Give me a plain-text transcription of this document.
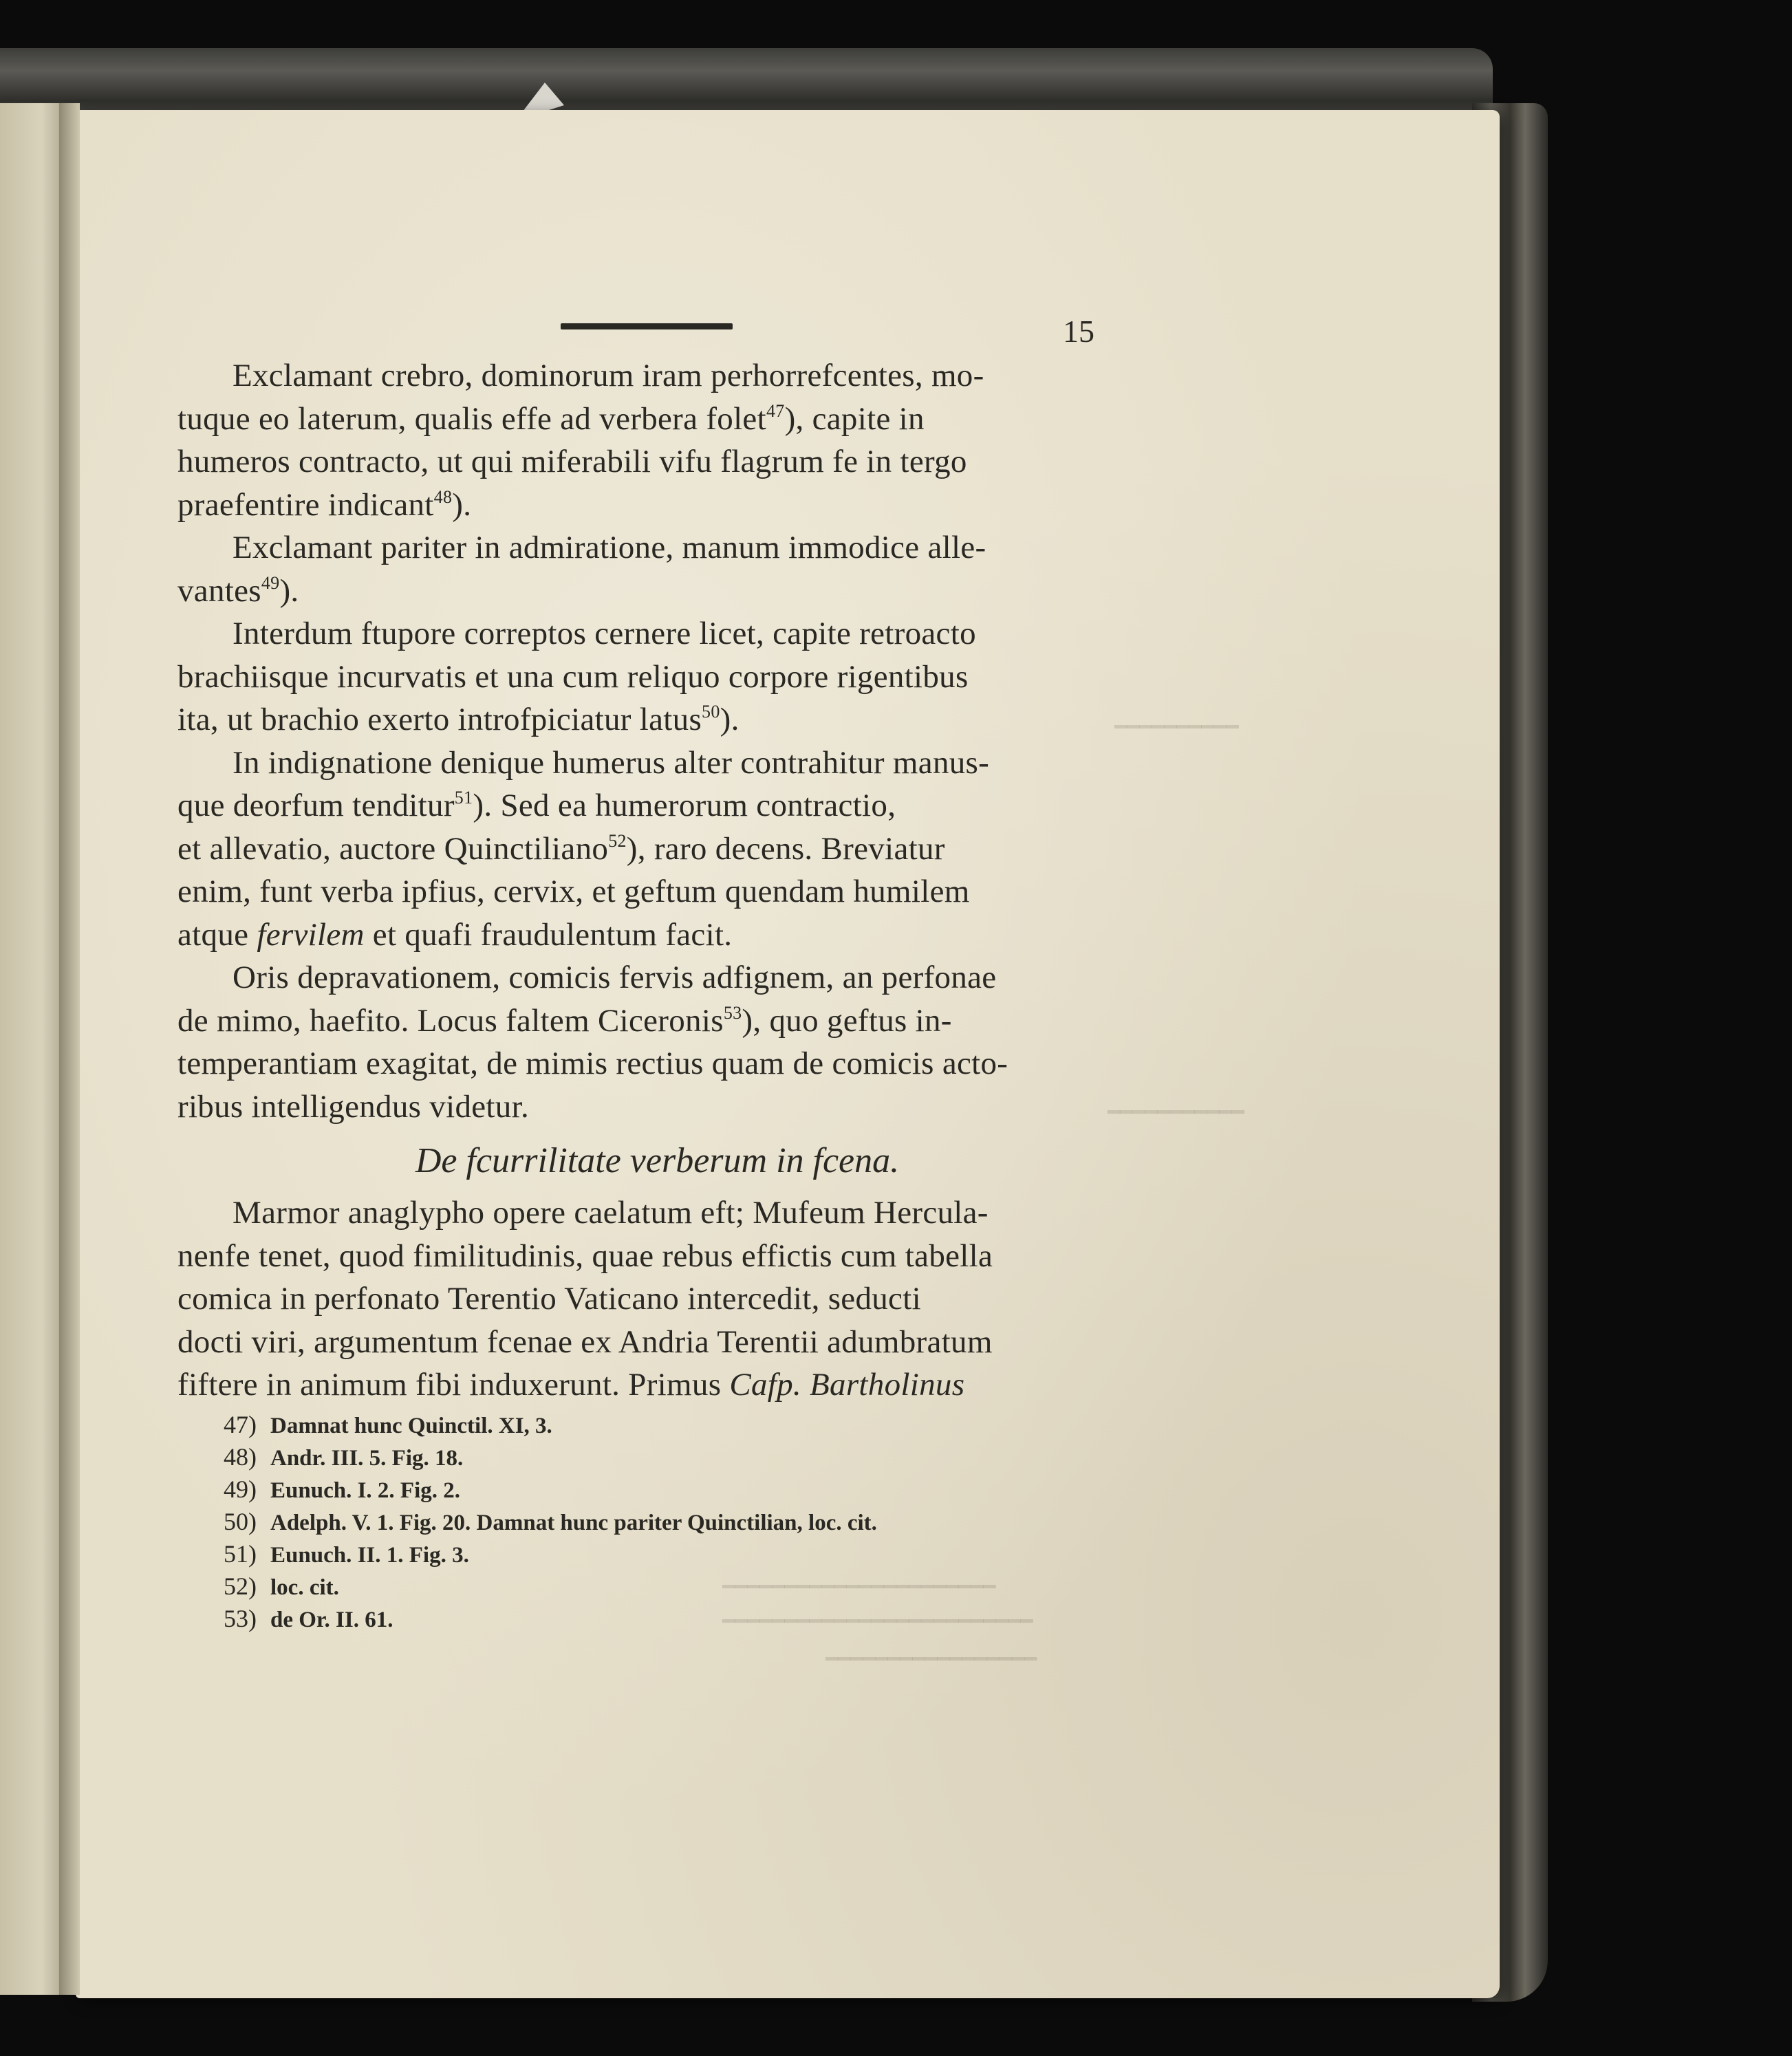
━━━━━━━━━━
━━━━━━━━━━━
━━━━━━━━━━━━━━━━━━━━━━
━━━━━━━━━━━━━━━━━━━━━━━━━
━━━━━━━━━━━━━━━━━
15

Exclamant crebro, dominorum iram perhorrefcentes, mo-
tuque eo laterum, qualis effe ad verbera folet$^{47}$), capite in
humeros contracto, ut qui miferabili vifu flagrum fe in tergo
praefentire indicant$^{48}$).

Exclamant pariter in admiratione, manum immodice alle-
vantes$^{49}$).

Interdum ftupore correptos cernere licet, capite retroacto
brachiisque incurvatis et una cum reliquo corpore rigentibus
ita, ut brachio exerto introfpiciatur latus$^{50}$).

In indignatione denique humerus alter contrahitur manus-
que deorfum tenditur$^{51}$). Sed ea humerorum contractio,
et allevatio, auctore Quinctiliano$^{52}$), raro decens. Breviatur
enim, funt verba ipfius, cervix, et geftum quendam humilem
atque fervilem et quafi fraudulentum facit.

Oris depravationem, comicis fervis adfignem, an perfonae
de mimo, haefito. Locus faltem Ciceronis$^{53}$), quo geftus in-
temperantiam exagitat, de mimis rectius quam de comicis acto-
ribus intelligendus videtur.

De fcurrilitate verberum in fcena.

Marmor anaglypho opere caelatum eft; Mufeum Hercula-
nenfe tenet, quod fimilitudinis, quae rebus effictis cum tabella
comica in perfonato Terentio Vaticano intercedit, seducti
docti viri, argumentum fcenae ex Andria Terentii adumbratum
fiftere in animum fibi induxerunt. Primus Cafp. Bartholinus

47) Damnat hunc Quinctil. XI, 3.
48) Andr. III. 5. Fig. 18.
49) Eunuch. I. 2. Fig. 2.
50) Adelph. V. 1. Fig. 20. Damnat hunc pariter Quinctilian, loc. cit.
51) Eunuch. II. 1. Fig. 3.
52) loc. cit.
53) de Or. II. 61.
